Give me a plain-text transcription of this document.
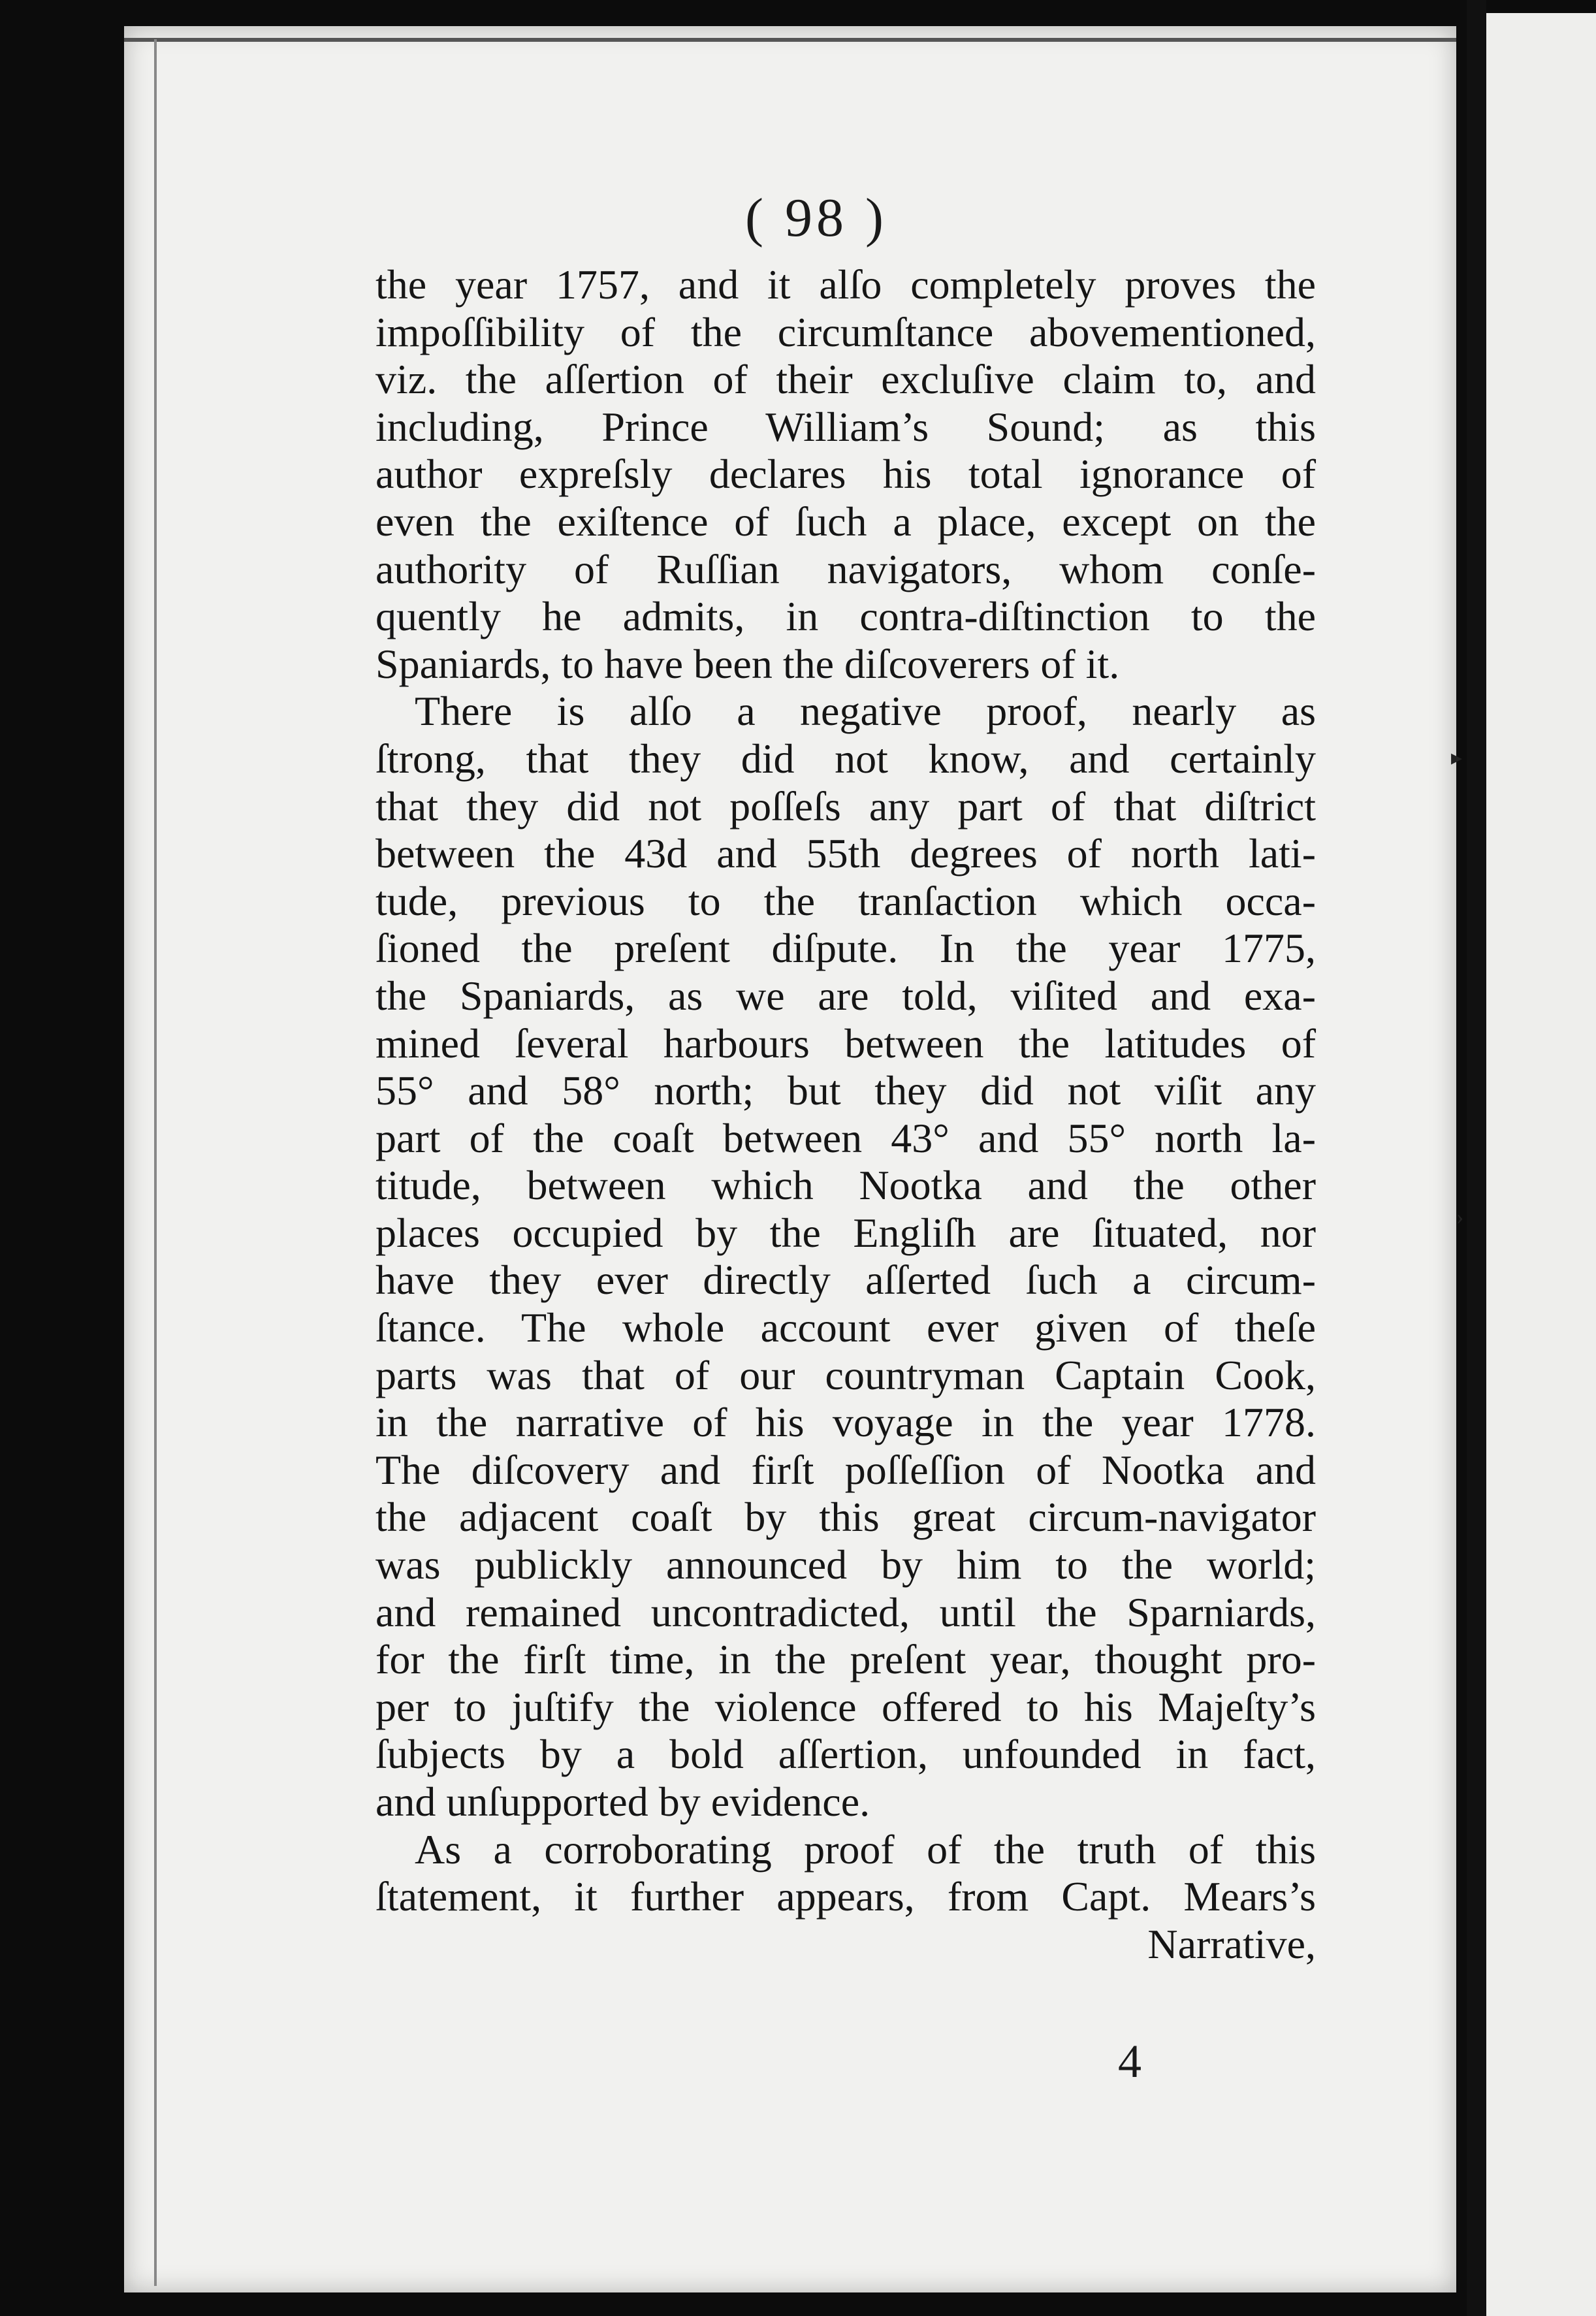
( 98 )
the year 1757, and it alſo completely proves the
impoſſibility of the circumſtance abovementioned,
viz. the aſſertion of their excluſive claim to, and
including, Prince William’s Sound; as this
author expreſsly declares his total ignorance of
even the exiſtence of ſuch a place, except on the
authority of Ruſſian navigators, whom conſe-
quently he admits, in contra-diſtinction to the
Spaniards, to have been the diſcoverers of it.
There is alſo a negative proof, nearly as
ſtrong, that they did not know, and certainly
that they did not poſſeſs any part of that diſtrict
between the 43d and 55th degrees of north lati-
tude, previous to the tranſaction which occa-
ſioned the preſent diſpute. In the year 1775,
the Spaniards, as we are told, viſited and exa-
mined ſeveral harbours between the latitudes of
55° and 58° north; but they did not viſit any
part of the coaſt between 43° and 55° north la-
titude, between which Nootka and the other
places occupied by the Engliſh are ſituated, nor
have they ever directly aſſerted ſuch a circum-
ſtance. The whole account ever given of theſe
parts was that of our countryman Captain Cook,
in the narrative of his voyage in the year 1778.
The diſcovery and firſt poſſeſſion of Nootka and
the adjacent coaſt by this great circum-navigator
was publickly announced by him to the world;
and remained uncontradicted, until the Sparniards,
for the firſt time, in the preſent year, thought pro-
per to juſtify the violence offered to his Majeſty’s
ſubjects by a bold aſſertion, unfounded in fact,
and unſupported by evidence.
As a corroborating proof of the truth of this
ſtatement, it further appears, from Capt. Mears’s
Narrative,
4
▸
›
